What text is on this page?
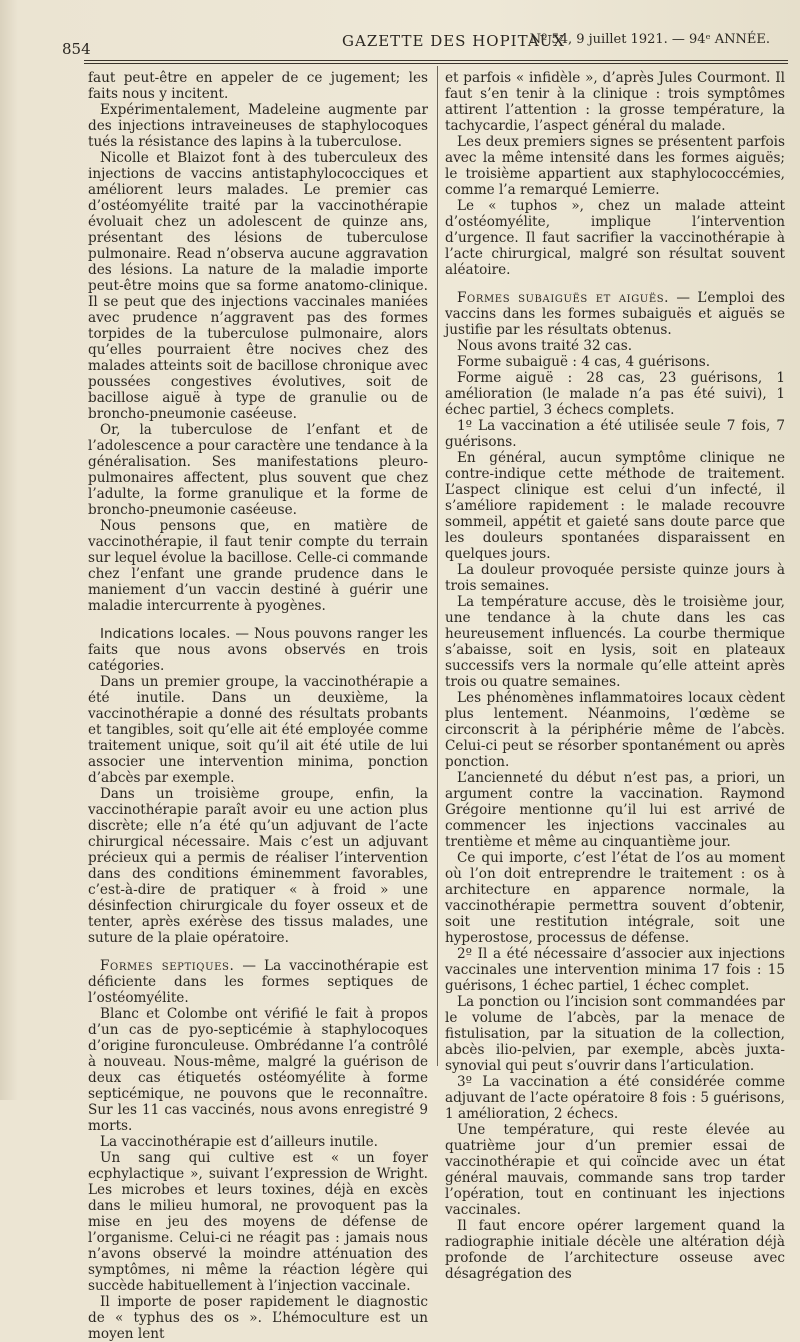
854	GAZETTE DES HOPITAUX
Nº 54, 9 juillet 1921. — 94ᵉ ANNÉE.

faut peut-être en appeler de ce jugement; les faits nous y incitent.

Expérimentalement, Madeleine augmente par des injections intraveineuses de staphylocoques tués la résistance des lapins à la tuberculose.

Nicolle et Blaizot font à des tuberculeux des injections de vaccins antistaphylococciques et améliorent leurs malades. Le premier cas d’ostéomyélite traité par la vaccinothérapie évoluait chez un adolescent de quinze ans, présentant des lésions de tuberculose pulmonaire. Read n’observa aucune aggravation des lésions. La nature de la maladie importe peut-être moins que sa forme anatomo-clinique. Il se peut que des injections vaccinales maniées avec prudence n’aggravent pas des formes torpides de la tuberculose pulmonaire, alors qu’elles pourraient être nocives chez des malades atteints soit de bacillose chronique avec poussées congestives évolutives, soit de bacillose aiguë à type de granulie ou de broncho-pneumonie caséeuse.

Or, la tuberculose de l’enfant et de l’adolescence a pour caractère une tendance à la généralisation. Ses manifestations pleuro-pulmonaires affectent, plus souvent que chez l’adulte, la forme granulique et la forme de broncho-pneumonie caséeuse.

Nous pensons que, en matière de vaccinothérapie, il faut tenir compte du terrain sur lequel évolue la bacillose. Celle-ci commande chez l’enfant une grande prudence dans le maniement d’un vaccin destiné à guérir une maladie intercurrente à pyogènes.

Indications locales. — Nous pouvons ranger les faits que nous avons observés en trois catégories.

Dans un premier groupe, la vaccinothérapie a été inutile. Dans un deuxième, la vaccinothérapie a donné des résultats probants et tangibles, soit qu’elle ait été employée comme traitement unique, soit qu’il ait été utile de lui associer une intervention minima, ponction d’abcès par exemple.

Dans un troisième groupe, enfin, la vaccinothérapie paraît avoir eu une action plus discrète; elle n’a été qu’un adjuvant de l’acte chirurgical nécessaire. Mais c’est un adjuvant précieux qui a permis de réaliser l’intervention dans des conditions éminemment favorables, c’est-à-dire de pratiquer « à froid » une désinfection chirurgicale du foyer osseux et de tenter, après exérèse des tissus malades, une suture de la plaie opératoire.

Formes septiques. — La vaccinothérapie est déficiente dans les formes septiques de l’ostéomyélite.

Blanc et Colombe ont vérifié le fait à propos d’un cas de pyo-septicémie à staphylocoques d’origine furonculeuse. Ombrédanne l’a contrôlé à nouveau. Nous-même, malgré la guérison de deux cas étiquetés ostéomyélite à forme septicémique, ne pouvons que le reconnaître. Sur les 11 cas vaccinés, nous avons enregistré 9 morts.

La vaccinothérapie est d’ailleurs inutile.

Un sang qui cultive est « un foyer ecphylactique », suivant l’expression de Wright. Les microbes et leurs toxines, déjà en excès dans le milieu humoral, ne provoquent pas la mise en jeu des moyens de défense de l’organisme. Celui-ci ne réagit pas : jamais nous n’avons observé la moindre atténuation des symptômes, ni même la réaction légère qui succède habituellement à l’injection vaccinale.

Il importe de poser rapidement le diagnostic de « typhus des os ». L’hémoculture est un moyen lent

et parfois « infidèle », d’après Jules Courmont. Il faut s’en tenir à la clinique : trois symptômes attirent l’attention : la grosse température, la tachycardie, l’aspect général du malade.

Les deux premiers signes se présentent parfois avec la même intensité dans les formes aiguës; le troisième appartient aux staphylococcémies, comme l’a remarqué Lemierre.

Le « tuphos », chez un malade atteint d’ostéomyélite, implique l’intervention d’urgence. Il faut sacrifier la vaccinothérapie à l’acte chirurgical, malgré son résultat souvent aléatoire.

Formes subaiguës et aiguës. — L’emploi des vaccins dans les formes subaiguës et aiguës se justifie par les résultats obtenus.

Nous avons traité 32 cas.

Forme subaiguë : 4 cas, 4 guérisons.

Forme aiguë : 28 cas, 23 guérisons, 1 amélioration (le malade n’a pas été suivi), 1 échec partiel, 3 échecs complets.

1º La vaccination a été utilisée seule 7 fois, 7 guérisons.

En général, aucun symptôme clinique ne contre-indique cette méthode de traitement. L’aspect clinique est celui d’un infecté, il s’améliore rapidement : le malade recouvre sommeil, appétit et gaieté sans doute parce que les douleurs spontanées disparaissent en quelques jours.

La douleur provoquée persiste quinze jours à trois semaines.

La température accuse, dès le troisième jour, une tendance à la chute dans les cas heureusement influencés. La courbe thermique s’abaisse, soit en lysis, soit en plateaux successifs vers la normale qu’elle atteint après trois ou quatre semaines.

Les phénomènes inflammatoires locaux cèdent plus lentement. Néanmoins, l’œdème se circonscrit à la périphérie même de l’abcès. Celui-ci peut se résorber spontanément ou après ponction.

L’ancienneté du début n’est pas, a priori, un argument contre la vaccination. Raymond Grégoire mentionne qu’il lui est arrivé de commencer les injections vaccinales au trentième et même au cinquantième jour.

Ce qui importe, c’est l’état de l’os au moment où l’on doit entreprendre le traitement : os à architecture en apparence normale, la vaccinothérapie permettra souvent d’obtenir, soit une restitution intégrale, soit une hyperostose, processus de défense.

2º Il a été nécessaire d’associer aux injections vaccinales une intervention minima 17 fois : 15 guérisons, 1 échec partiel, 1 échec complet.

La ponction ou l’incision sont commandées par le volume de l’abcès, par la menace de fistulisation, par la situation de la collection, abcès ilio-pelvien, par exemple, abcès juxta-synovial qui peut s’ouvrir dans l’articulation.

3º La vaccination a été considérée comme adjuvant de l’acte opératoire 8 fois : 5 guérisons, 1 amélioration, 2 échecs.

Une température, qui reste élevée au quatrième jour d’un premier essai de vaccinothérapie et qui coïncide avec un état général mauvais, commande sans trop tarder l’opération, tout en continuant les injections vaccinales.

Il faut encore opérer largement quand la radiographie initiale décèle une altération déjà profonde de l’architecture osseuse avec désagrégation des
